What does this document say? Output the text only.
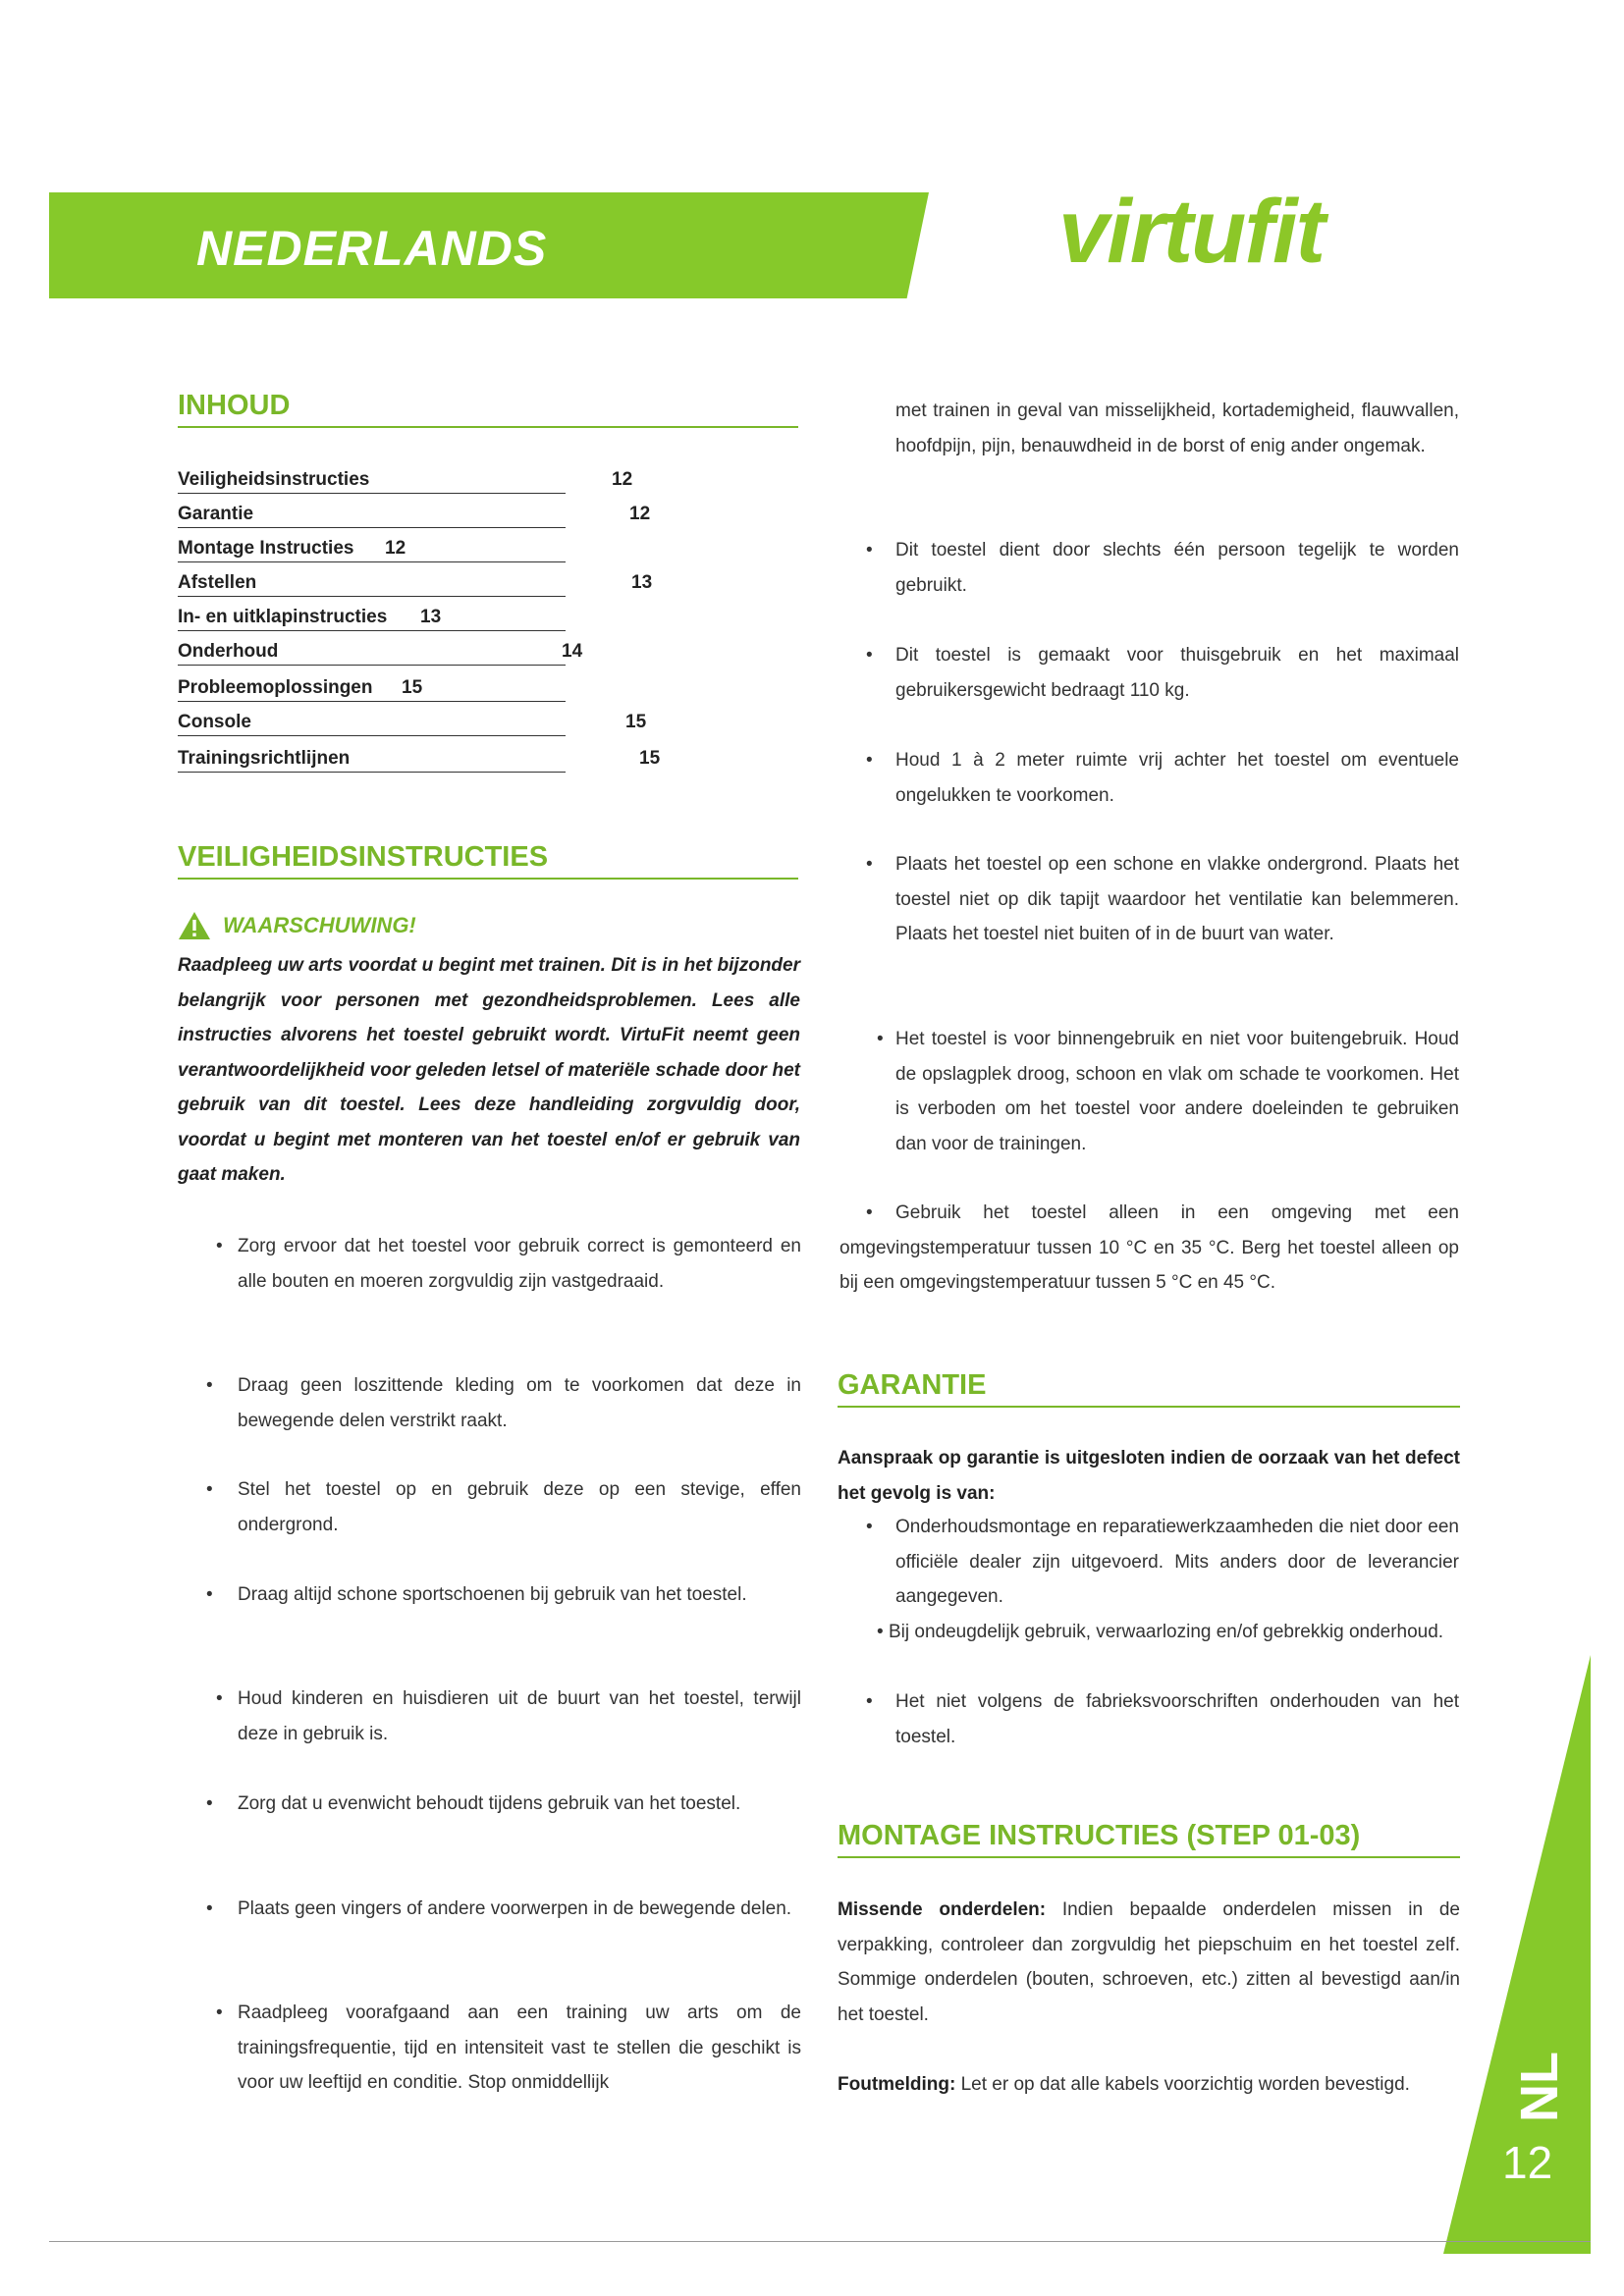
NEDERLANDS	virtufit
INHOUD
Veiligheidsinstructies	12
Garantie	12
Montage Instructies 12
Afstellen	13
In- en uitklapinstructies 13
Onderhoud	14
Probleemoplossingen 15
Console	15
Trainingsrichtlijnen	15
VEILIGHEIDSINSTRUCTIES
WAARSCHUWING!
Raadpleeg uw arts voordat u begint met trainen. Dit is in het bijzonder belangrijk voor personen met gezondheidsproblemen. Lees alle instructies alvorens het toestel gebruikt wordt. VirtuFit neemt geen verantwoordelijkheid voor geleden letsel of materiële schade door het gebruik van dit toestel. Lees deze handleiding zorgvuldig door, voordat u begint met monteren van het toestel en/of er gebruik van gaat maken.
• Zorg ervoor dat het toestel voor gebruik correct is gemonteerd en alle bouten en moeren zorgvuldig zijn vastgedraaid.
•	Draag geen loszittende kleding om te voorkomen dat deze in bewegende delen verstrikt raakt.
•	Stel het toestel op en gebruik deze op een stevige, effen ondergrond.
•	Draag altijd schone sportschoenen bij gebruik van het toestel.
• Houd kinderen en huisdieren uit de buurt van het toestel, terwijl deze in gebruik is.
•	Zorg dat u evenwicht behoudt tijdens gebruik van het toestel.
•	Plaats geen vingers of andere voorwerpen in de bewegende delen.
• Raadpleeg voorafgaand aan een training uw arts om de trainingsfrequentie, tijd en intensiteit vast te stellen die geschikt is voor uw leeftijd en conditie. Stop onmiddellijk
met trainen in geval van misselijkheid, kortademigheid, flauwvallen, hoofdpijn, pijn, benauwdheid in de borst of enig ander ongemak.
•	Dit toestel dient door slechts één persoon tegelijk te worden gebruikt.
•	Dit toestel is gemaakt voor thuisgebruik en het maximaal gebruikersgewicht bedraagt 110 kg.
•	Houd 1 à 2 meter ruimte vrij achter het toestel om eventuele ongelukken te voorkomen.
•	Plaats het toestel op een schone en vlakke ondergrond. Plaats het toestel niet op dik tapijt waardoor het ventilatie kan belemmeren. Plaats het toestel niet buiten of in de buurt van water.
• Het toestel is voor binnengebruik en niet voor buitengebruik. Houd de opslagplek droog, schoon en vlak om schade te voorkomen. Het is verboden om het toestel voor andere doeleinden te gebruiken dan voor de trainingen.
•	Gebruik het toestel alleen in een omgeving met een omgevingstemperatuur tussen 10 °C en 35 °C. Berg het toestel alleen op bij een omgevingstemperatuur tussen 5 °C en 45 °C.
GARANTIE
Aanspraak op garantie is uitgesloten indien de oorzaak van het defect het gevolg is van:
•	Onderhoudsmontage en reparatiewerkzaamheden die niet door een officiële dealer zijn uitgevoerd. Mits anders door de leverancier aangegeven.
• Bij ondeugdelijk gebruik, verwaarlozing en/of gebrekkig onderhoud.
•	Het niet volgens de fabrieksvoorschriften onderhouden van het toestel.
MONTAGE INSTRUCTIES (STEP 01-03)
Missende onderdelen: Indien bepaalde onderdelen missen in de verpakking, controleer dan zorgvuldig het piepschuim en het toestel zelf. Sommige onderdelen (bouten, schroeven, etc.) zitten al bevestigd aan/in het toestel.
Foutmelding: Let er op dat alle kabels voorzichtig worden bevestigd.	NL
12
